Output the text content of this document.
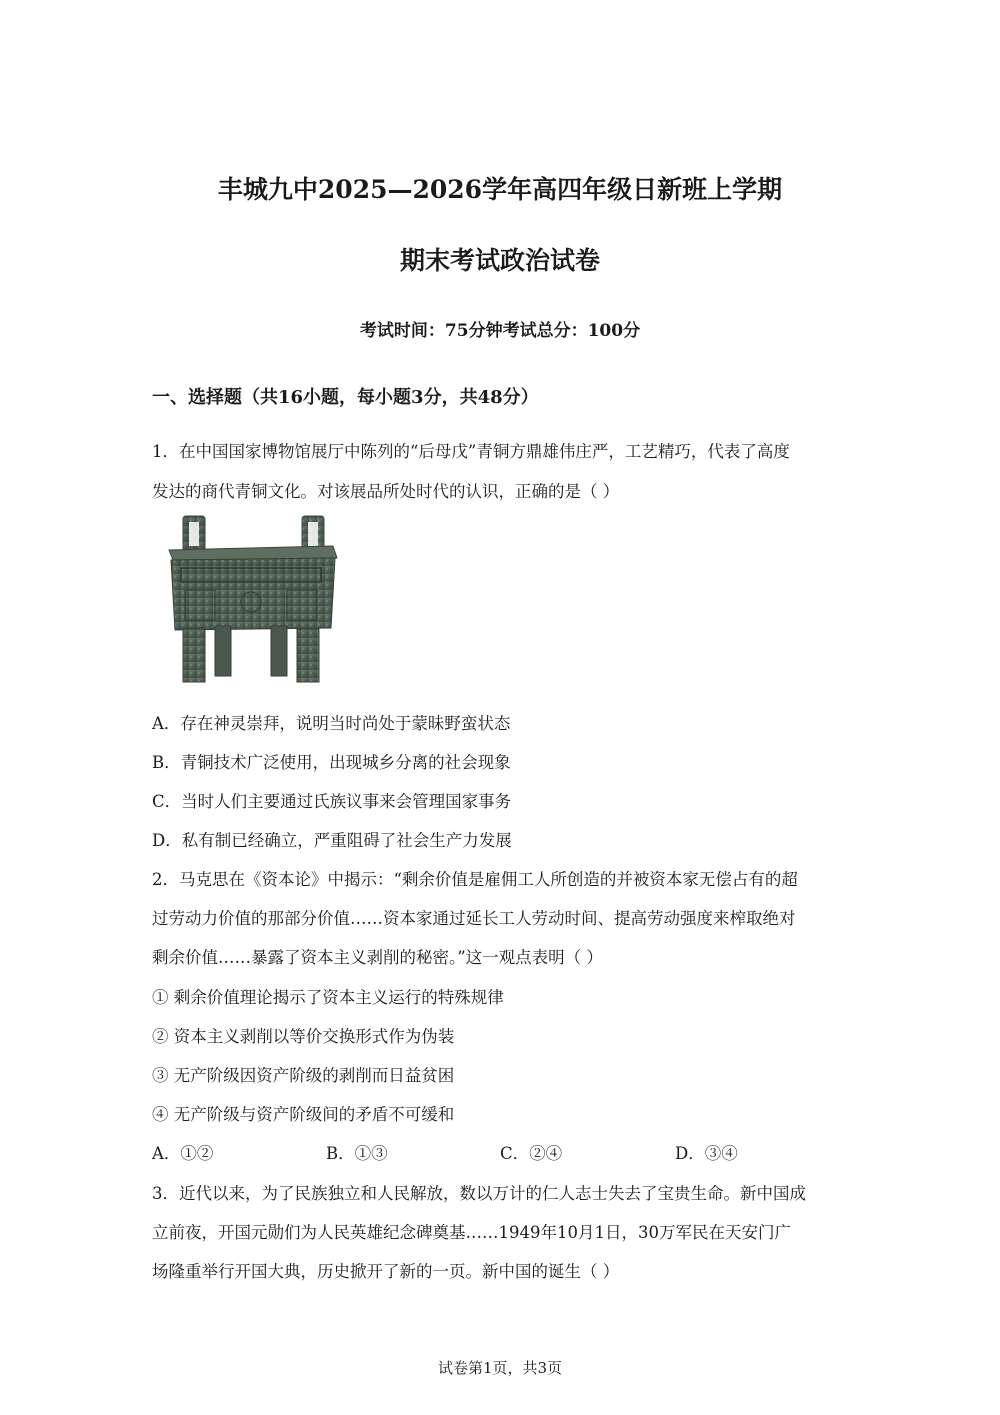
丰城九中2025—2026学年高四年级日新班上学期
期末考试政治试卷
考试时间：75分钟考试总分：100分
一、选择题（共16小题，每小题3分，共48分）
1．在中国国家博物馆展厅中陈列的“后母戊”青铜方鼎雄伟庄严，工艺精巧，代表了高度
发达的商代青铜文化。对该展品所处时代的认识，正确的是（ ）
A．存在神灵崇拜，说明当时尚处于蒙昧野蛮状态
B．青铜技术广泛使用，出现城乡分离的社会现象
C．当时人们主要通过氏族议事来会管理国家事务
D．私有制已经确立，严重阻碍了社会生产力发展
2．马克思在《资本论》中揭示：“剩余价值是雇佣工人所创造的并被资本家无偿占有的超
过劳动力价值的那部分价值……资本家通过延长工人劳动时间、提高劳动强度来榨取绝对
剩余价值……暴露了资本主义剥削的秘密。”这一观点表明（ ）
① 剩余价值理论揭示了资本主义运行的特殊规律
② 资本主义剥削以等价交换形式作为伪装
③ 无产阶级因资产阶级的剥削而日益贫困
④ 无产阶级与资产阶级间的矛盾不可缓和
A．①②	B．①③	C．②④	D．③④
3．近代以来，为了民族独立和人民解放，数以万计的仁人志士失去了宝贵生命。新中国成
立前夜，开国元勋们为人民英雄纪念碑奠基……1949年10月1日，30万军民在天安门广
场隆重举行开国大典，历史掀开了新的一页。新中国的诞生（ ）
试卷第1页，共3页
